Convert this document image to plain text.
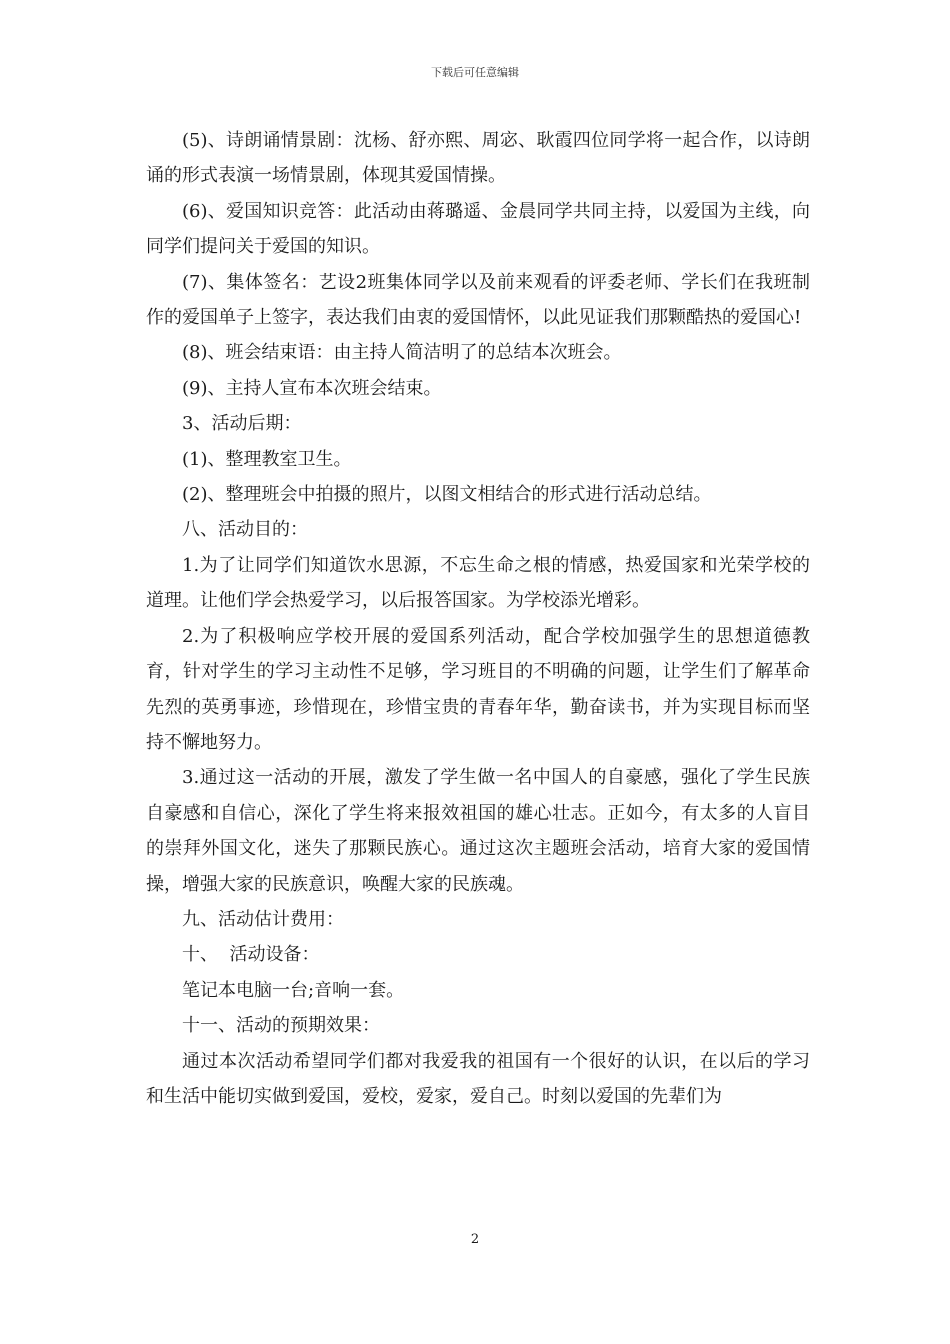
下载后可任意编辑

(5)、诗朗诵情景剧：沈杨、舒亦熙、周宓、耿霞四位同学将一起合作，以诗朗诵的形式表演一场情景剧，体现其爱国情操。

(6)、爱国知识竞答：此活动由蒋璐遥、金晨同学共同主持，以爱国为主线，向同学们提问关于爱国的知识。

(7)、集体签名：艺设2班集体同学以及前来观看的评委老师、学长们在我班制作的爱国单子上签字，表达我们由衷的爱国情怀，以此见证我们那颗酷热的爱国心!

(8)、班会结束语：由主持人简洁明了的总结本次班会。

(9)、主持人宣布本次班会结束。

3、活动后期：

(1)、整理教室卫生。

(2)、整理班会中拍摄的照片，以图文相结合的形式进行活动总结。

八、活动目的：

1.为了让同学们知道饮水思源，不忘生命之根的情感，热爱国家和光荣学校的道理。让他们学会热爱学习，以后报答国家。为学校添光增彩。

2.为了积极响应学校开展的爱国系列活动，配合学校加强学生的思想道德教育，针对学生的学习主动性不足够，学习班目的不明确的问题，让学生们了解革命先烈的英勇事迹，珍惜现在，珍惜宝贵的青春年华，勤奋读书，并为实现目标而坚持不懈地努力。

3.通过这一活动的开展，激发了学生做一名中国人的自豪感，强化了学生民族自豪感和自信心，深化了学生将来报效祖国的雄心壮志。正如今，有太多的人盲目的崇拜外国文化，迷失了那颗民族心。通过这次主题班会活动，培育大家的爱国情操，增强大家的民族意识，唤醒大家的民族魂。

九、活动估计费用：

十、  活动设备：

笔记本电脑一台;音响一套。

十一、活动的预期效果：

通过本次活动希望同学们都对我爱我的祖国有一个很好的认识，在以后的学习和生活中能切实做到爱国，爱校，爱家，爱自己。时刻以爱国的先辈们为

2
